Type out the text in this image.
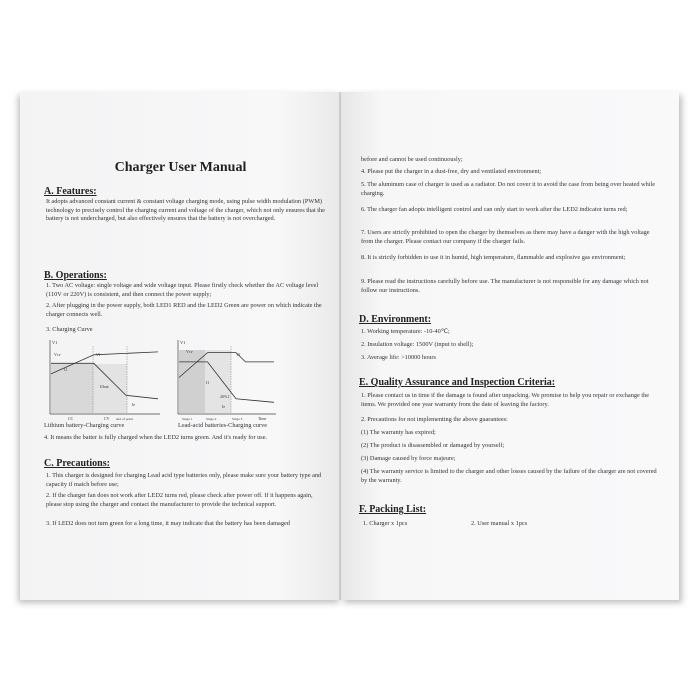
Charger User Manual
A. Features:
It adopts advanced constant current & constant voltage charging mode, using pulse width modulation (PWM) technology to precisely control the charging current and voltage of the charger, which not only ensures that the battery is not undercharged, but also effectively ensures that the battery is not overcharged.
B. Operations:
1. Two AC voltage: single voltage and wide voltage input. Please firstly check whether the AC voltage level (110V or 220V) is consistent, and then connect the power supply;
2. After plugging in the power supply, both LED1 RED and the LED2 Green are power on which indicate the charger connects well.
3. Charging Curve
V1
Vcv	Vf
I1
Ifloat
Ie
CC	CV end of point
V1
Vcv
Vf
I1
20%1
Ie
Stage 1	Stage 2	Stage 3	Time
Lithium battery-Charging curve	Lead-acid batteries-Charging curve
4. It means the batter is fully charged when the LED2 turns green. And it's ready for use.
C. Precautions:
1. This charger is designed for charging Lead acid type batteries only, please make sure your battery type and capacity if match before use;
2. If the charger fan does not work after LED2 turns red, please check after power off. If it happens again, please stop using the charger and contact the manufacturer to provide the technical support.
3. If LED2 does not turn green for a long time, it may indicate that the battery has been damaged
before and cannot be used continuously;
4. Please put the charger in a dust-free, dry and ventilated environment;
5. The aluminum case of charger is used as a radiator. Do not cover it to avoid the case from being over heated while charging.
6. The charger fan adopts intelligent control and can only start to work after the LED2 indicator turns red;
7. Users are strictly prohibited to open the charger by themselves as there may have a danger with the high voltage from the charger. Please contact our company if the charger fails.
8. It is strictly forbidden to use it in humid, high temperature, flammable and explosive gas environment;
9. Please read the instructions carefully before use. The manufacturer is not responsible for any damage which not follow our instructions.
D. Environment:
1. Working temperature: -10-40℃;
2. Insulation voltage: 1500V (input to shell);
3. Average life: >10000 hours
E. Quality Assurance and Inspection Criteria:
1. Please contact us in time if the damage is found after unpacking. We promise to help you repair or exchange the items. We provided one year warranty from the date of leaving the factory.
2. Precautions for not implementing the above guarantees:
(1) The warranty has expired;
(2) The product is disassembled or damaged by yourself;
(3) Damage caused by force majeure;
(4) The warranty service is limited to the charger and other losses caused by the failure of the charger are not covered by the warranty.
F. Packing List:
1. Charger x 1pcs	2. User manual x 1pcs
